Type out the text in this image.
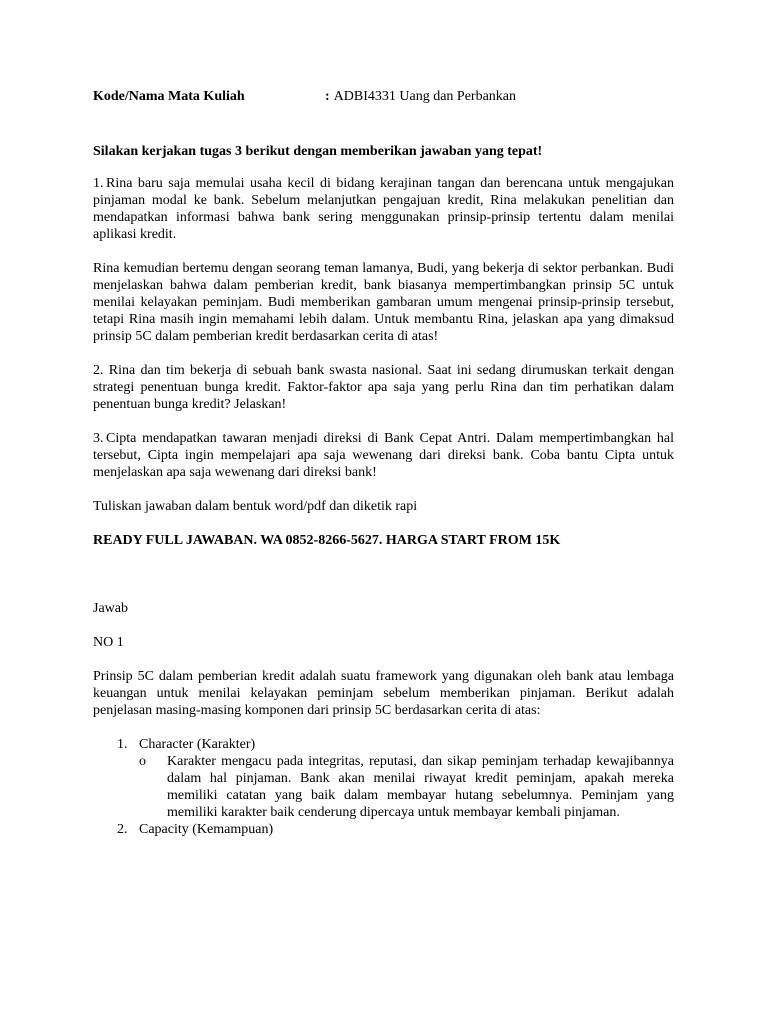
Kode/Nama Mata Kuliah	: ADBI4331 Uang dan Perbankan

Silakan kerjakan tugas 3 berikut dengan memberikan jawaban yang tepat!

1. Rina baru saja memulai usaha kecil di bidang kerajinan tangan dan berencana untuk mengajukan pinjaman modal ke bank. Sebelum melanjutkan pengajuan kredit, Rina melakukan penelitian dan mendapatkan informasi bahwa bank sering menggunakan prinsip-prinsip tertentu dalam menilai aplikasi kredit.

Rina kemudian bertemu dengan seorang teman lamanya, Budi, yang bekerja di sektor perbankan. Budi menjelaskan bahwa dalam pemberian kredit, bank biasanya mempertimbangkan prinsip 5C untuk menilai kelayakan peminjam. Budi memberikan gambaran umum mengenai prinsip-prinsip tersebut, tetapi Rina masih ingin memahami lebih dalam. Untuk membantu Rina, jelaskan apa yang dimaksud prinsip 5C dalam pemberian kredit berdasarkan cerita di atas!

2. Rina dan tim bekerja di sebuah bank swasta nasional. Saat ini sedang dirumuskan terkait dengan strategi penentuan bunga kredit. Faktor-faktor apa saja yang perlu Rina dan tim perhatikan dalam penentuan bunga kredit? Jelaskan!

3. Cipta mendapatkan tawaran menjadi direksi di Bank Cepat Antri. Dalam mempertimbangkan hal tersebut, Cipta ingin mempelajari apa saja wewenang dari direksi bank. Coba bantu Cipta untuk menjelaskan apa saja wewenang dari direksi bank!

Tuliskan jawaban dalam bentuk word/pdf dan diketik rapi

READY FULL JAWABAN. WA 0852-8266-5627. HARGA START FROM 15K

Jawab

NO 1

Prinsip 5C dalam pemberian kredit adalah suatu framework yang digunakan oleh bank atau lembaga keuangan untuk menilai kelayakan peminjam sebelum memberikan pinjaman. Berikut adalah penjelasan masing-masing komponen dari prinsip 5C berdasarkan cerita di atas:

1. Character (Karakter)
o Karakter mengacu pada integritas, reputasi, dan sikap peminjam terhadap kewajibannya dalam hal pinjaman. Bank akan menilai riwayat kredit peminjam, apakah mereka memiliki catatan yang baik dalam membayar hutang sebelumnya. Peminjam yang memiliki karakter baik cenderung dipercaya untuk membayar kembali pinjaman.
2. Capacity (Kemampuan)
